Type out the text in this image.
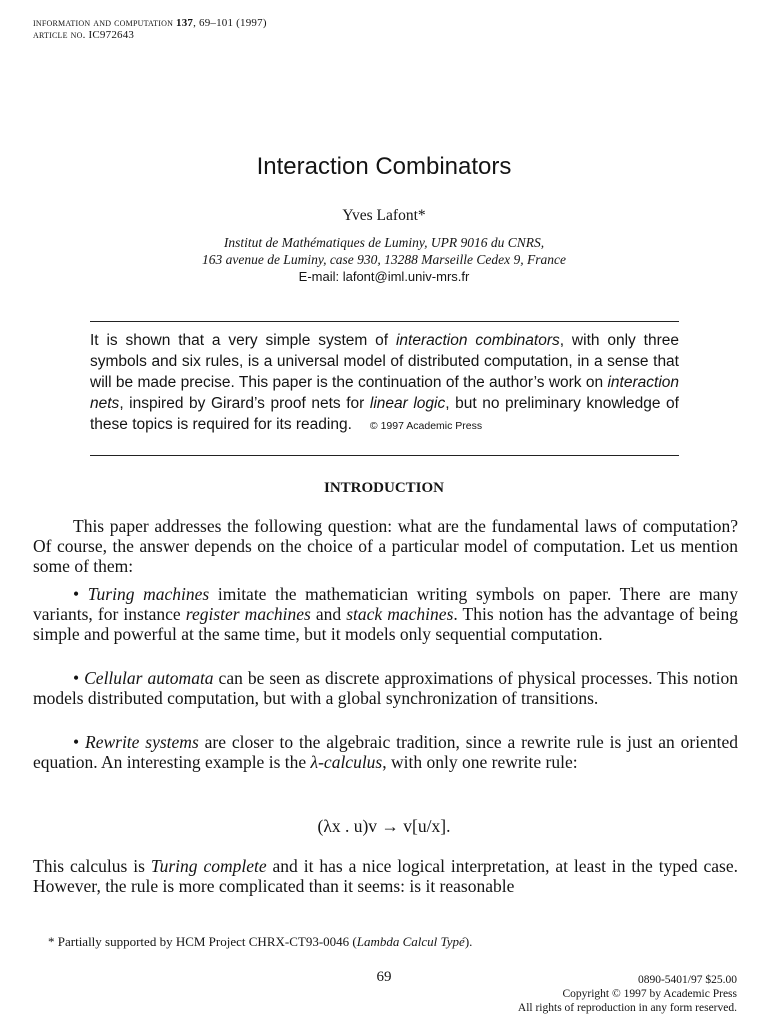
information and computation 137, 69–101 (1997)
article no. IC972643
Interaction Combinators
Yves Lafont*
Institut de Mathématiques de Luminy, UPR 9016 du CNRS,
163 avenue de Luminy, case 930, 13288 Marseille Cedex 9, France
E-mail: lafont@iml.univ-mrs.fr
It is shown that a very simple system of interaction combinators, with only three symbols and six rules, is a universal model of distributed computation, in a sense that will be made precise. This paper is the continuation of the author’s work on interaction nets, inspired by Girard’s proof nets for linear logic, but no preliminary knowledge of these topics is required for its reading. © 1997 Academic Press
INTRODUCTION
This paper addresses the following question: what are the fundamental laws of computation? Of course, the answer depends on the choice of a particular model of computation. Let us mention some of them:
• Turing machines imitate the mathematician writing symbols on paper. There are many variants, for instance register machines and stack machines. This notion has the advantage of being simple and powerful at the same time, but it models only sequential computation.
• Cellular automata can be seen as discrete approximations of physical processes. This notion models distributed computation, but with a global synchronization of transitions.
• Rewrite systems are closer to the algebraic tradition, since a rewrite rule is just an oriented equation. An interesting example is the λ-calculus, with only one rewrite rule:
(λx . u)v → v[u/x].
This calculus is Turing complete and it has a nice logical interpretation, at least in the typed case. However, the rule is more complicated than it seems: is it reasonable
* Partially supported by HCM Project CHRX-CT93-0046 (Lambda Calcul Typé).
69	0890-5401/97 $25.00
Copyright © 1997 by Academic Press
All rights of reproduction in any form reserved.
